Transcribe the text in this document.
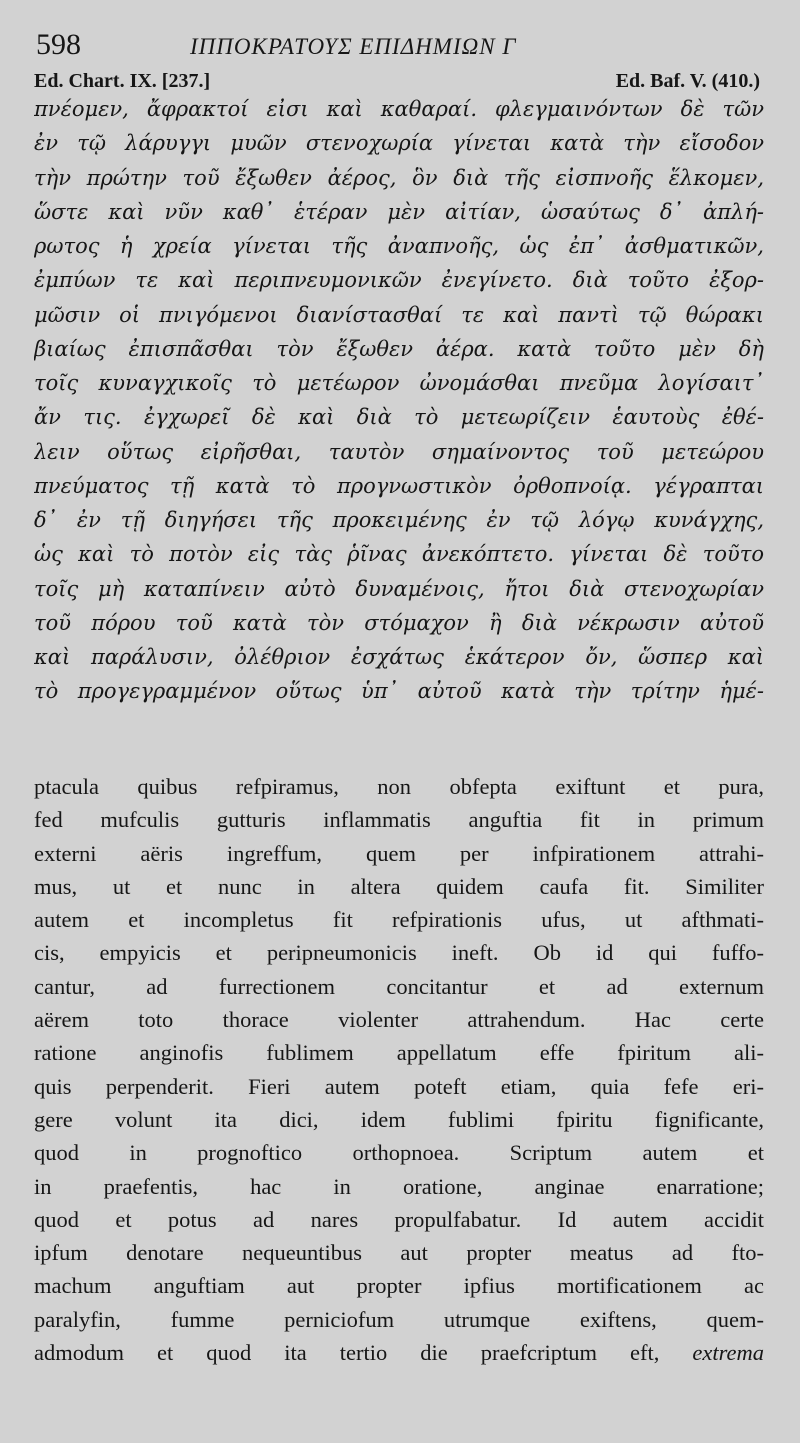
598	ΙΠΠΟΚΡΑΤΟΥΣ ΕΠΙΔΗΜΙΩΝ Γ
Ed. Chart. IX. [237.]	Ed. Baf. V. (410.)
πνέομεν, ἄφρακτοί εἰσι καὶ καθαραί. φλεγμαινόντων δὲ τῶν
ἐν τῷ λάρυγγι μυῶν στενοχωρία γίνεται κατὰ τὴν εἴσοδον
τὴν πρώτην τοῦ ἔξωθεν ἀέρος, ὃν διὰ τῆς εἰσπνοῆς ἕλκομεν,
ὥστε καὶ νῦν καθ᾿ ἑτέραν μὲν αἰτίαν, ὡσαύτως δ᾿ ἀπλή-
ρωτος ἡ χρεία γίνεται τῆς ἀναπνοῆς, ὡς ἐπ᾿ ἀσθματικῶν,
ἐμπύων τε καὶ περιπνευμονικῶν ἐνεγίνετο. διὰ τοῦτο ἐξορ-
μῶσιν οἱ πνιγόμενοι διανίστασθαί τε καὶ παντὶ τῷ θώρακι
βιαίως ἐπισπᾶσθαι τὸν ἔξωθεν ἀέρα. κατὰ τοῦτο μὲν δὴ
τοῖς κυναγχικοῖς τὸ μετέωρον ὠνομάσθαι πνεῦμα λογίσαιτ᾿
ἄν τις. ἐγχωρεῖ δὲ καὶ διὰ τὸ μετεωρίζειν ἑαυτοὺς ἐθέ-
λειν οὕτως εἰρῆσθαι, ταυτὸν σημαίνοντος τοῦ μετεώρου
πνεύματος τῇ κατὰ τὸ προγνωστικὸν ὀρθοπνοίᾳ. γέγραπται
δ᾿ ἐν τῇ διηγήσει τῆς προκειμένης ἐν τῷ λόγῳ κυνάγχης,
ὡς καὶ τὸ ποτὸν εἰς τὰς ῥῖνας ἀνεκόπτετο. γίνεται δὲ τοῦτο
τοῖς μὴ καταπίνειν αὐτὸ δυναμένοις, ἤτοι διὰ στενοχωρίαν
τοῦ πόρου τοῦ κατὰ τὸν στόμαχον ἢ διὰ νέκρωσιν αὐτοῦ
καὶ παράλυσιν, ὀλέθριον ἐσχάτως ἑκάτερον ὄν, ὥσπερ καὶ
τὸ προγεγραμμένον οὕτως ὑπ᾿ αὐτοῦ κατὰ τὴν τρίτην ἡμέ-
ptacula quibus refpiramus, non obfepta exiftunt et pura,
fed mufculis gutturis inflammatis anguftia fit in primum
externi aëris ingreffum, quem per infpirationem attrahi-
mus, ut et nunc in altera quidem caufa fit. Similiter
autem et incompletus fit refpirationis ufus, ut afthmati-
cis, empyicis et peripneumonicis ineft. Ob id qui fuffo-
cantur, ad furrectionem concitantur et ad externum
aërem toto thorace violenter attrahendum. Hac certe
ratione anginofis fublimem appellatum effe fpiritum ali-
quis perpenderit. Fieri autem poteft etiam, quia fefe eri-
gere volunt ita dici, idem fublimi fpiritu fignificante,
quod in prognoftico orthopnoea. Scriptum autem et
in praefentis, hac in oratione, anginae enarratione;
quod et potus ad nares propulfabatur. Id autem accidit
ipfum denotare nequeuntibus aut propter meatus ad fto-
machum anguftiam aut propter ipfius mortificationem ac
paralyfin, fumme perniciofum utrumque exiftens, quem-
admodum et quod ita tertio die praefcriptum eft, extrema
